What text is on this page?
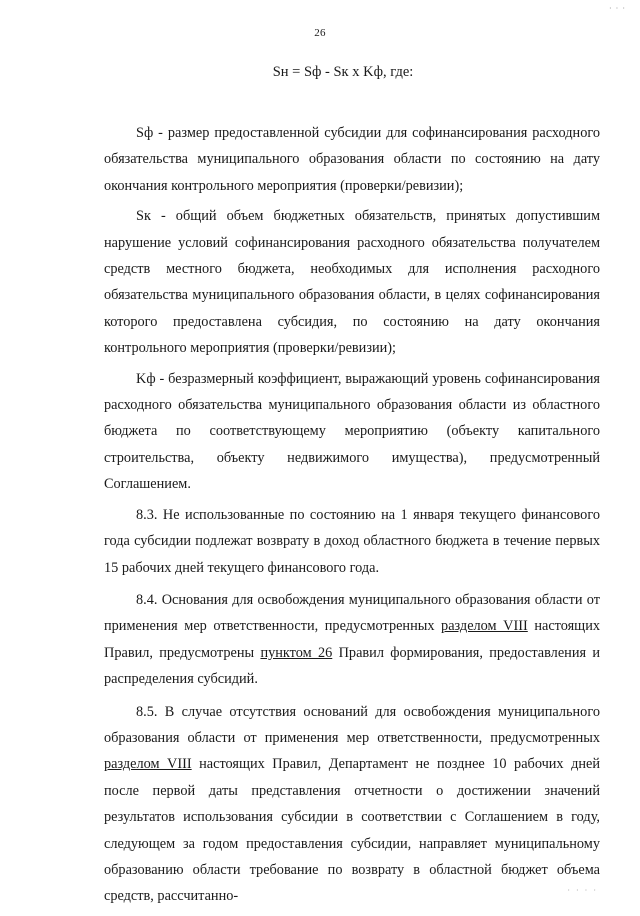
· · ·
26
Sн = Sф - Sк х Kф, где:

Sф - размер предоставленной субсидии для софинансирования расходного обязательства муниципального образования области по состоянию на дату окончания контрольного мероприятия (проверки/ревизии);

Sк - общий объем бюджетных обязательств, принятых допустившим нарушение условий софинансирования расходного обязательства получателем средств местного бюджета, необходимых для исполнения расходного обязательства муниципального образования области, в целях софинансирования которого предоставлена субсидия, по состоянию на дату окончания контрольного мероприятия (проверки/ревизии);

Kф - безразмерный коэффициент, выражающий уровень софинансирования расходного обязательства муниципального образования области из областного бюджета по соответствующему мероприятию (объекту капитального строительства, объекту недвижимого имущества), предусмотренный Соглашением.

8.3. Не использованные по состоянию на 1 января текущего финансового года субсидии подлежат возврату в доход областного бюджета в течение первых 15 рабочих дней текущего финансового года.

8.4. Основания для освобождения муниципального образования области от применения мер ответственности, предусмотренных разделом VIII настоящих Правил, предусмотрены пунктом 26 Правил формирования, предоставления и распределения субсидий.

8.5. В случае отсутствия оснований для освобождения муниципального образования области от применения мер ответственности, предусмотренных разделом VIII настоящих Правил, Департамент не позднее 10 рабочих дней после первой даты представления отчетности о достижении значений результатов использования субсидии в соответствии с Соглашением в году, следующем за годом предоставления субсидии, направляет муниципальному образованию области требование по возврату в областной бюджет объема средств, рассчитанно-	· · · ·
